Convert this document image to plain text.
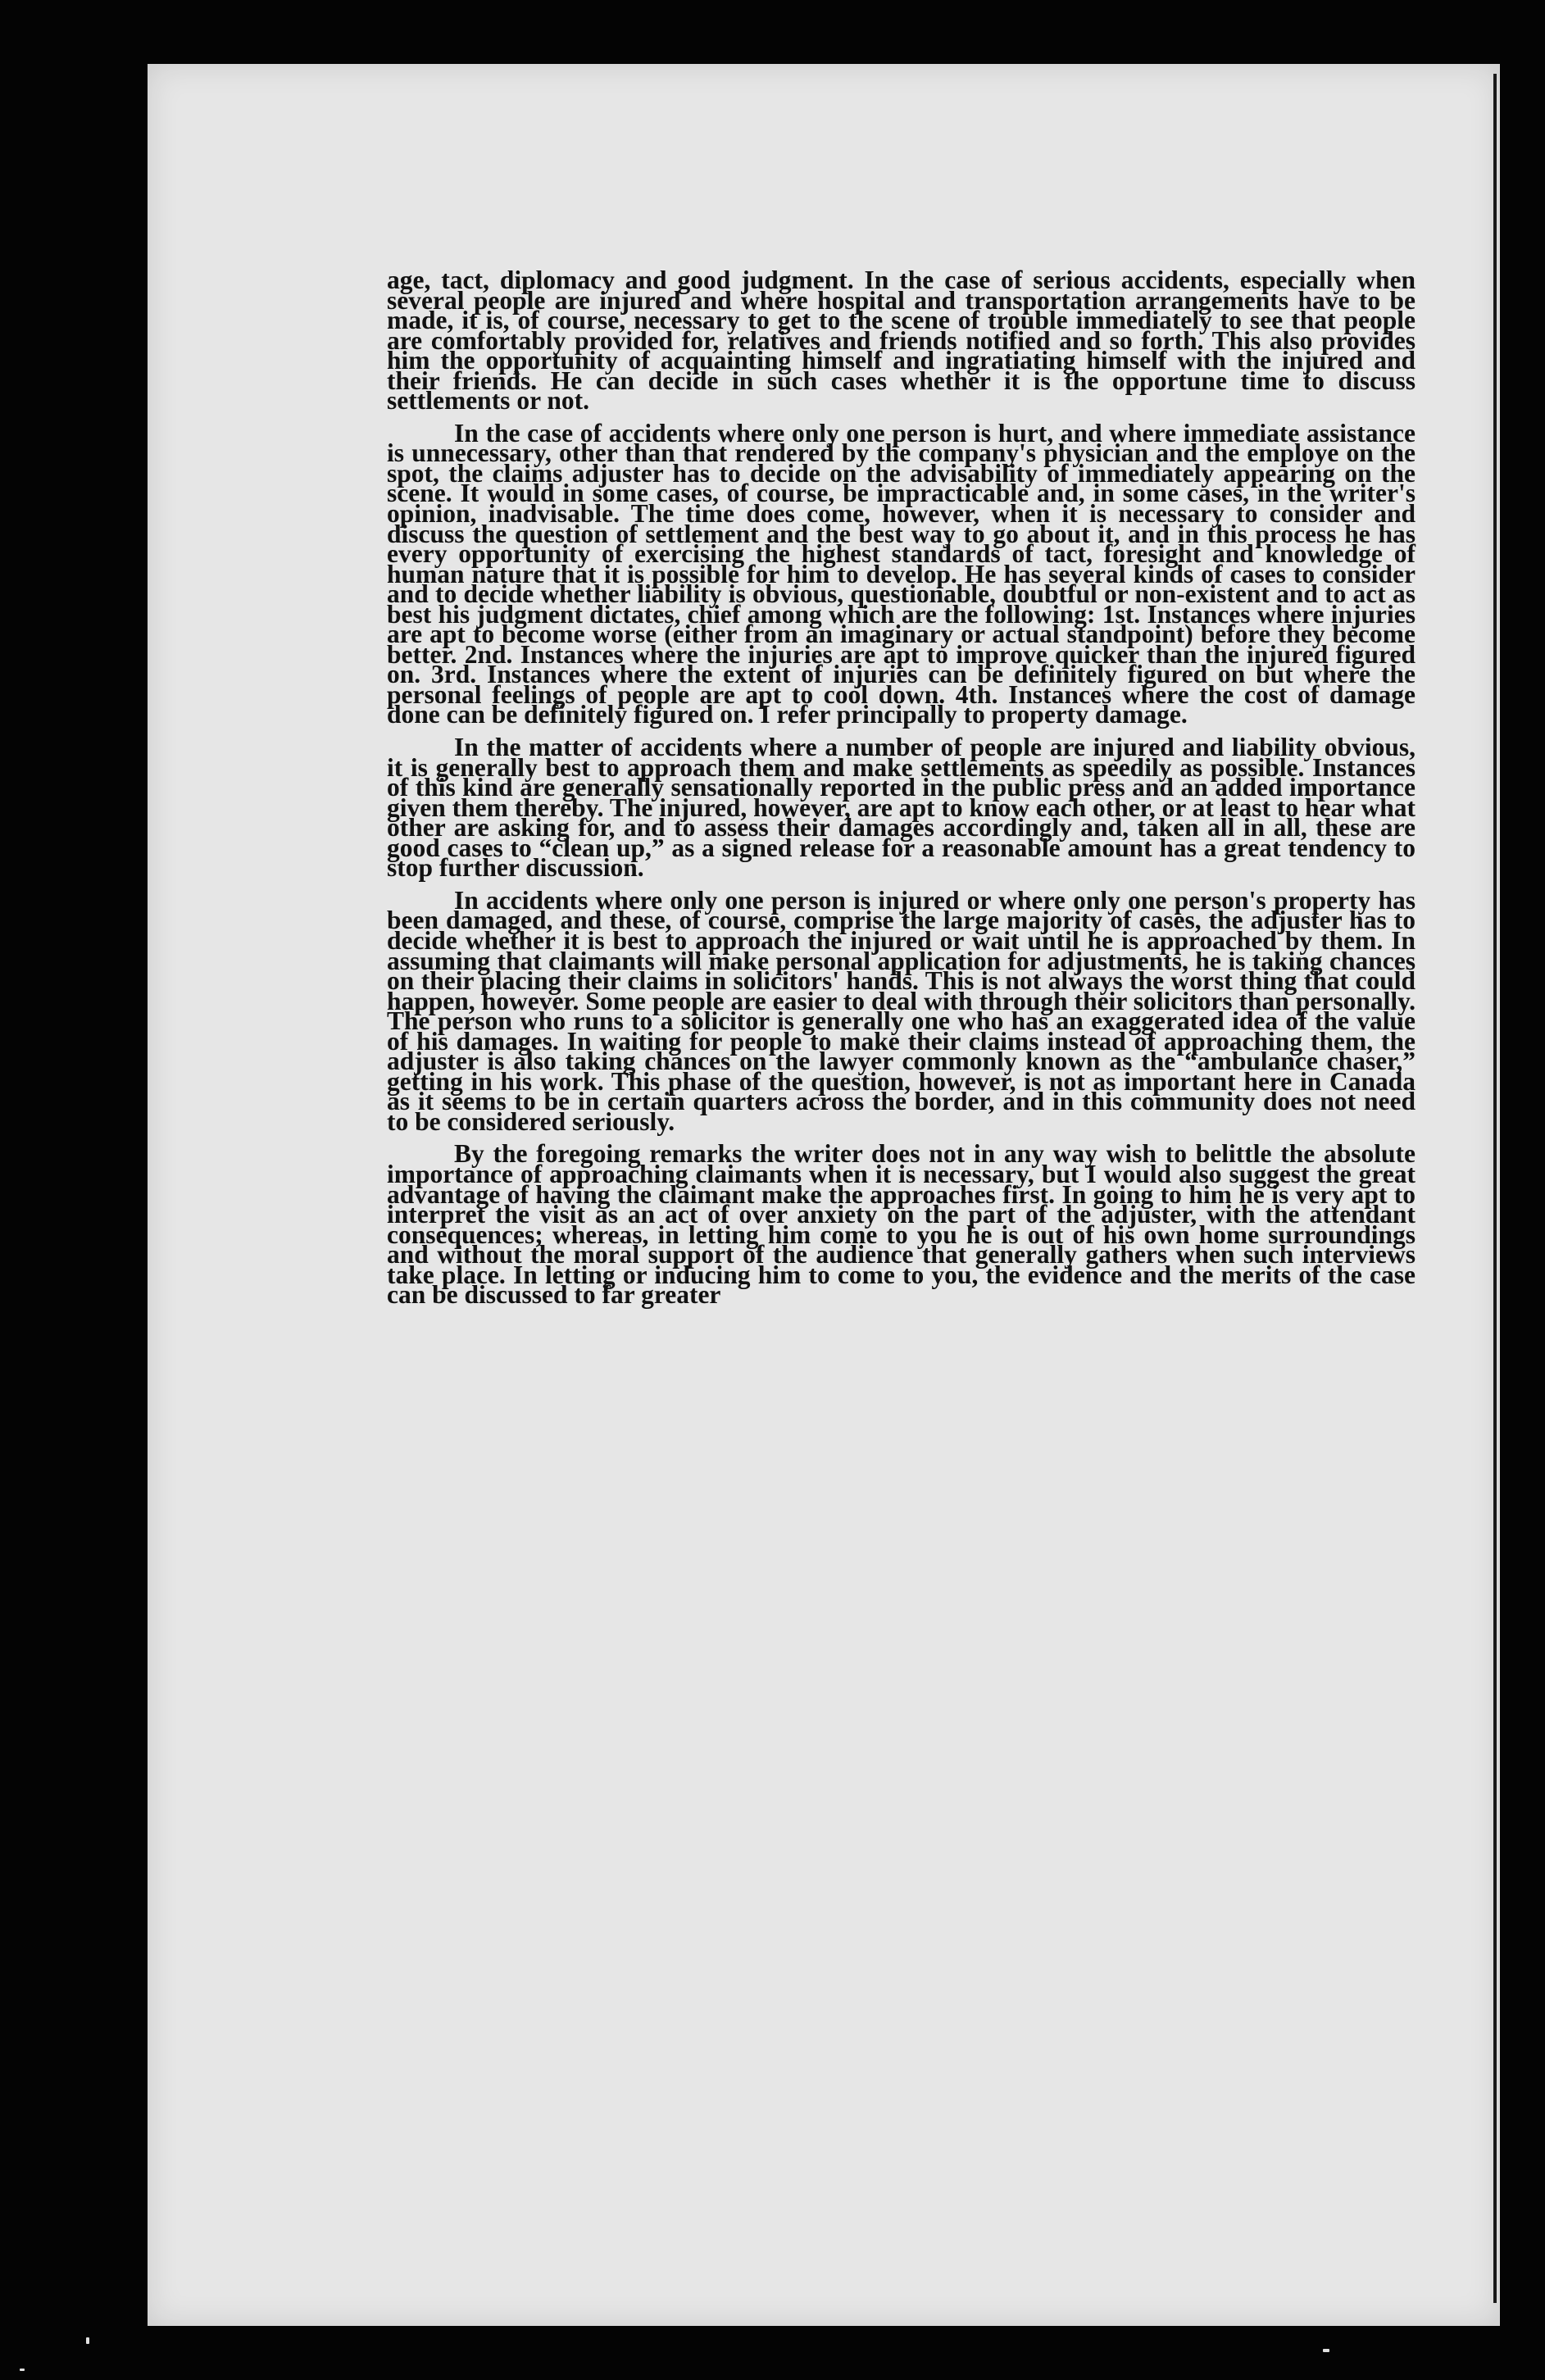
age, tact, diplomacy and good judgment. In the case of serious accidents, especially when several people are injured and where hospital and transportation arrangements have to be made, it is, of course, necessary to get to the scene of trouble immediately to see that people are comfortably provided for, relatives and friends notified and so forth. This also provides him the opportunity of acquainting himself and ingratiating himself with the injured and their friends. He can decide in such cases whether it is the opportune time to discuss settlements or not.

In the case of accidents where only one person is hurt, and where immediate assistance is unnecessary, other than that rendered by the company's physician and the employe on the spot, the claims adjuster has to decide on the advisability of immediately appearing on the scene. It would in some cases, of course, be impracticable and, in some cases, in the writer's opinion, inadvisable. The time does come, however, when it is necessary to consider and discuss the question of settlement and the best way to go about it, and in this process he has every opportunity of exercising the highest standards of tact, foresight and knowledge of human nature that it is possible for him to develop. He has several kinds of cases to consider and to decide whether liability is obvious, questionable, doubtful or non-existent and to act as best his judgment dictates, chief among which are the following: 1st. Instances where injuries are apt to become worse (either from an imaginary or actual standpoint) before they become better. 2nd. Instances where the injuries are apt to improve quicker than the injured figured on. 3rd. Instances where the extent of injuries can be definitely figured on but where the personal feelings of people are apt to cool down. 4th. Instances where the cost of damage done can be definitely figured on. I refer principally to property damage.

In the matter of accidents where a number of people are injured and liability obvious, it is generally best to approach them and make settlements as speedily as possible. Instances of this kind are generally sensationally reported in the public press and an added importance given them thereby. The injured, however, are apt to know each other, or at least to hear what other are asking for, and to assess their damages accordingly and, taken all in all, these are good cases to “clean up,” as a signed release for a reasonable amount has a great tendency to stop further discussion.

In accidents where only one person is injured or where only one person's property has been damaged, and these, of course, comprise the large majority of cases, the adjuster has to decide whether it is best to approach the injured or wait until he is approached by them. In assuming that claimants will make personal application for adjustments, he is taking chances on their placing their claims in solicitors' hands. This is not always the worst thing that could happen, however. Some people are easier to deal with through their solicitors than personally. The person who runs to a solicitor is generally one who has an exaggerated idea of the value of his damages. In waiting for people to make their claims instead of approaching them, the adjuster is also taking chances on the lawyer commonly known as the “ambulance chaser,” getting in his work. This phase of the question, however, is not as important here in Canada as it seems to be in certain quarters across the border, and in this community does not need to be considered seriously.

By the foregoing remarks the writer does not in any way wish to belittle the absolute importance of approaching claimants when it is necessary, but I would also suggest the great advantage of having the claimant make the approaches first. In going to him he is very apt to interpret the visit as an act of over anxiety on the part of the adjuster, with the attendant consequences; whereas, in letting him come to you he is out of his own home surroundings and without the moral support of the audience that generally gathers when such interviews take place. In letting or inducing him to come to you, the evidence and the merits of the case can be discussed to far greater
